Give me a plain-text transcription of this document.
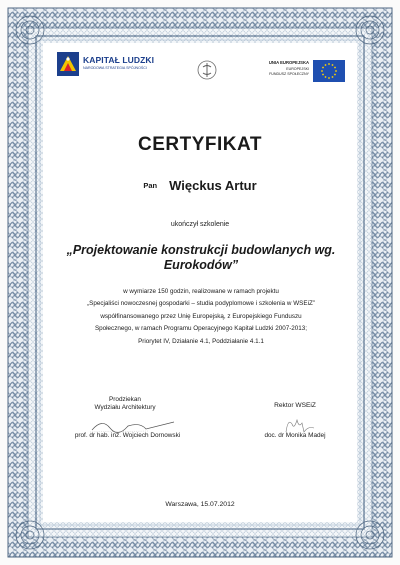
KAPITAŁ LUDZKI
NARODOWA STRATEGIA SPÓJNOŚCI
UNIA EUROPEJSKA
EUROPEJSKI
FUNDUSZ SPOŁECZNY
CERTYFIKAT
Pan Więckus Artur
ukończył szkolenie
„Projektowanie konstrukcji budowlanych wg. Eurokodów”
w wymiarze 150 godzin, realizowane w ramach projektu
„Specjaliści nowoczesnej gospodarki – studia podyplomowe i szkolenia w WSEiZ”
współfinansowanego przez Unię Europejską, z Europejskiego Funduszu
Społecznego, w ramach Programu Operacyjnego Kapitał Ludzki 2007-2013;
Priorytet IV, Działanie 4.1, Poddziałanie 4.1.1
Prodziekan
Wydziału Architektury
prof. dr hab. inż. Wojciech Dornowski
Rektor WSEiZ
doc. dr Monika Madej
Warszawa, 15.07.2012
